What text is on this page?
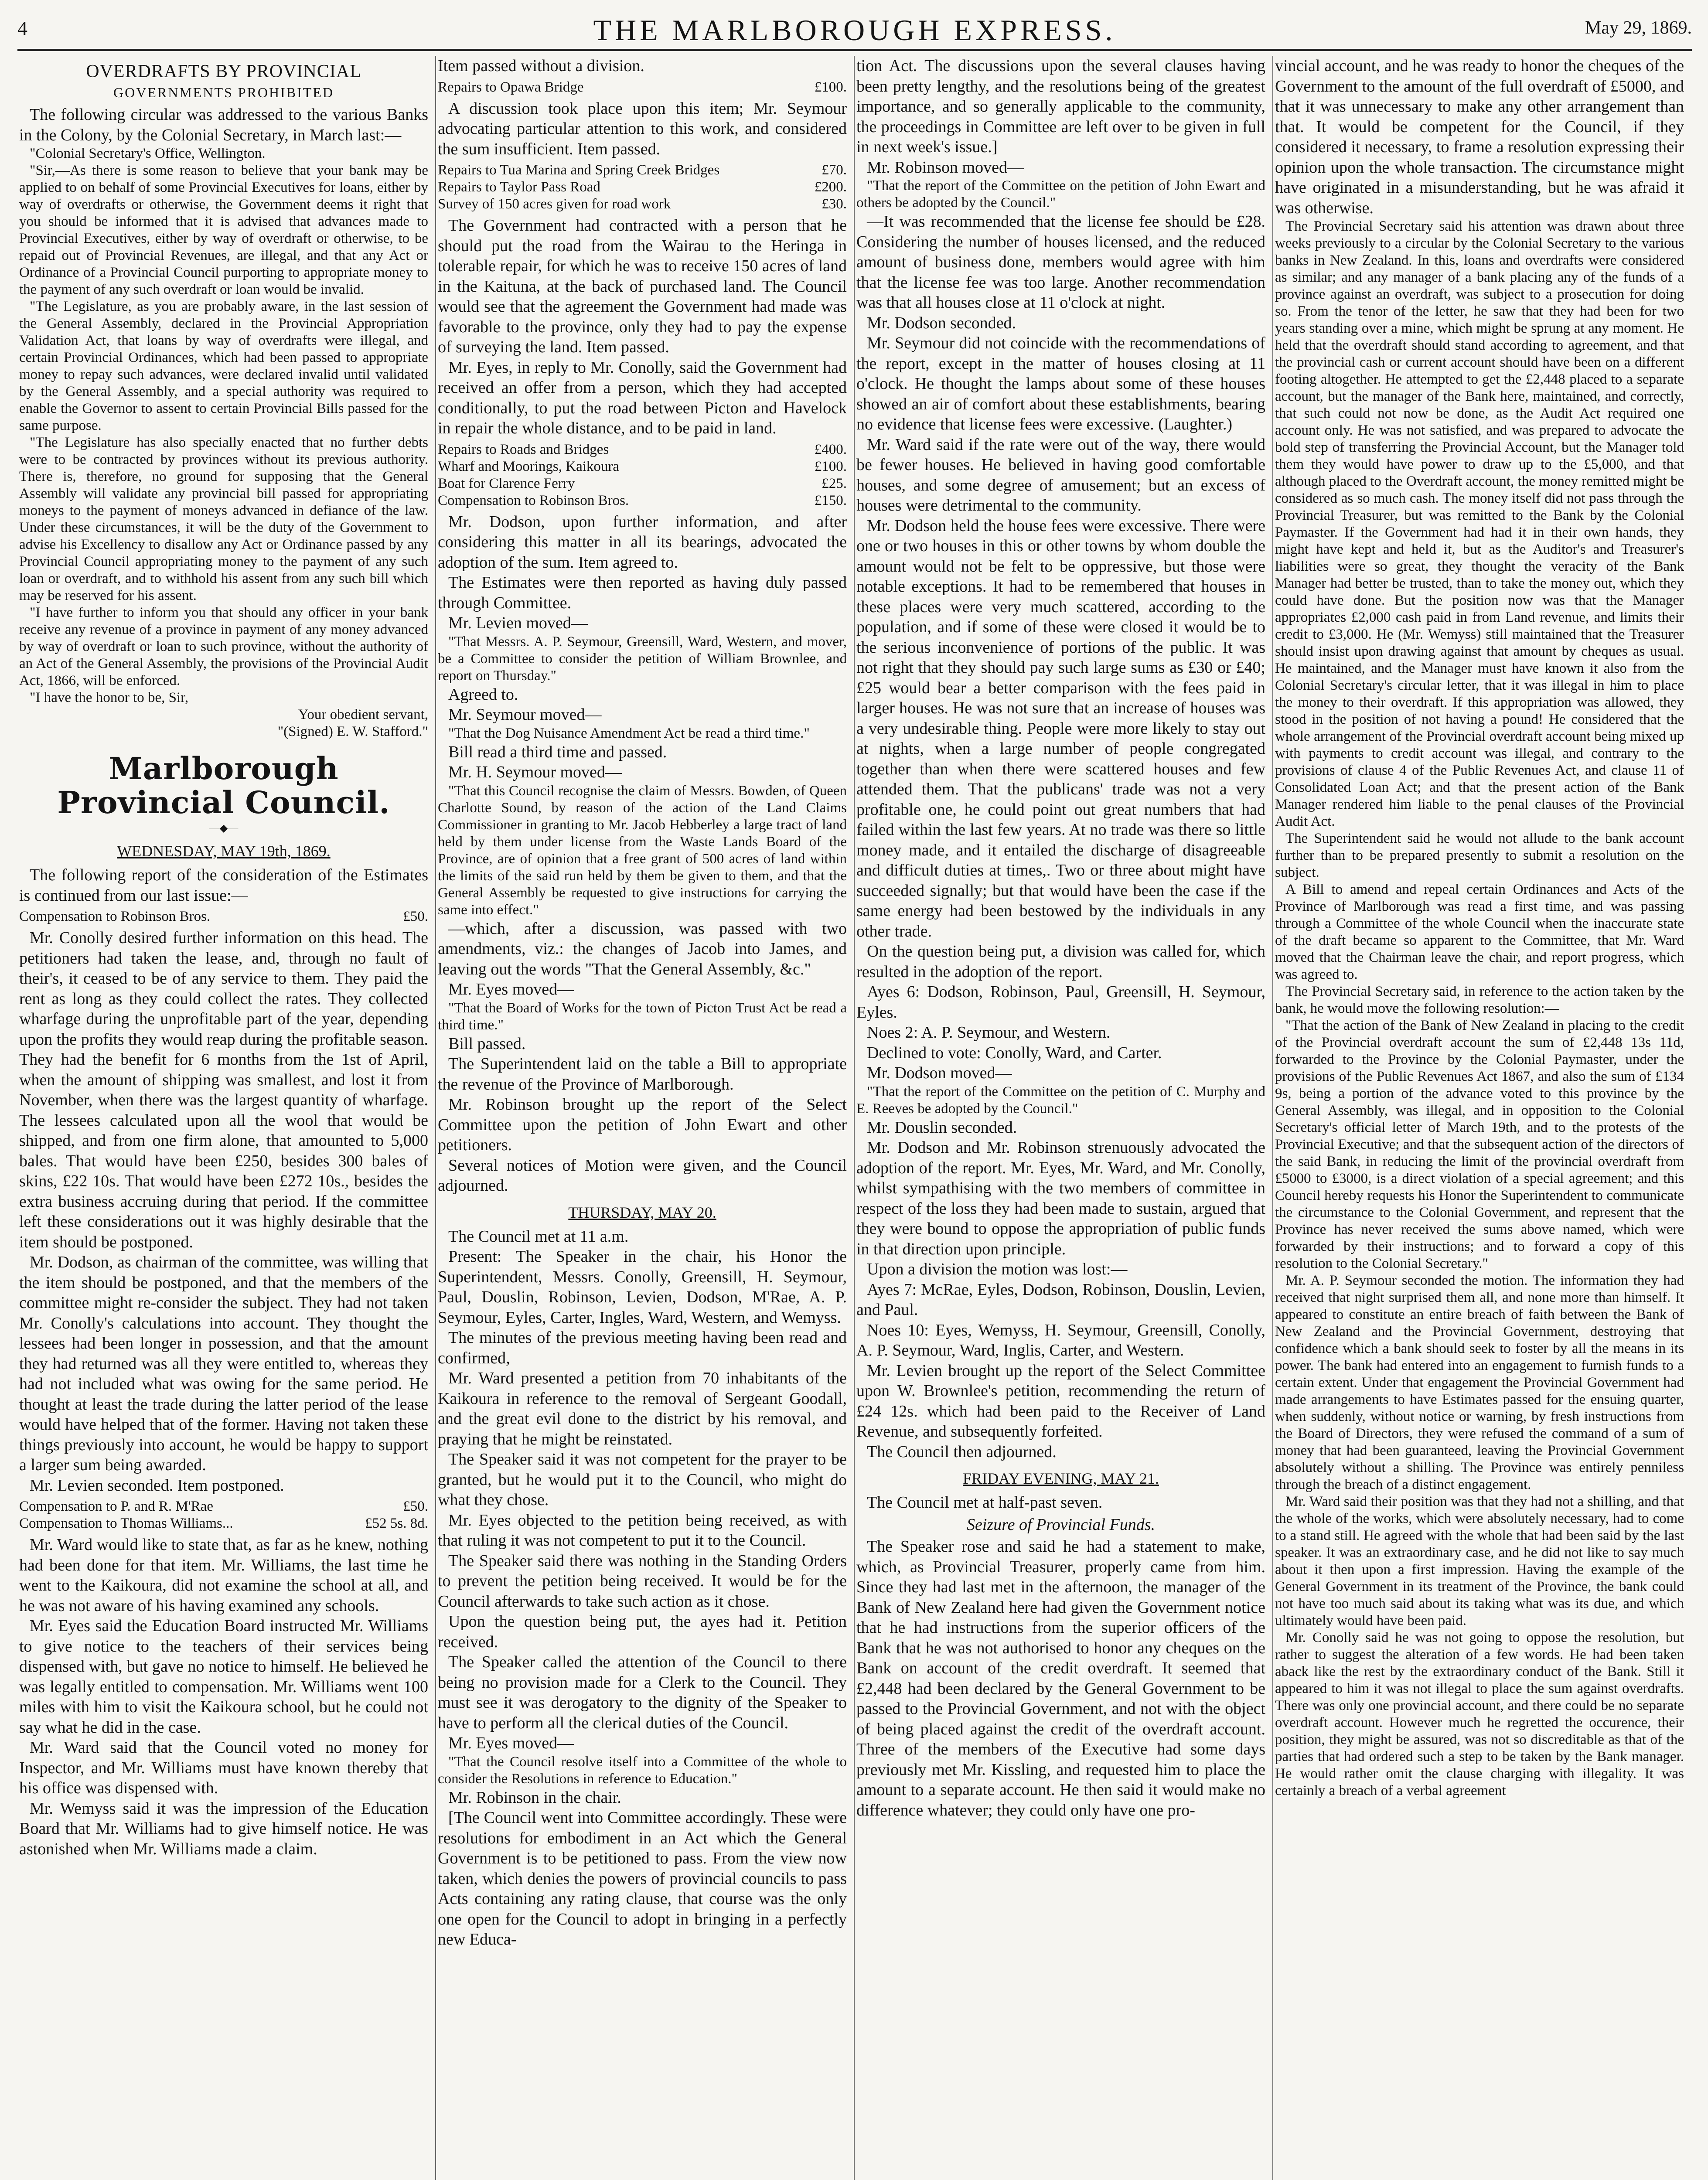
4	THE MARLBOROUGH EXPRESS.	May 29, 1869.
OVERDRAFTS BY PROVINCIAL
GOVERNMENTS PROHIBITED

The following circular was addressed to the various Banks in the Colony, by the Colonial Secretary, in March last:—

"Colonial Secretary's Office, Wellington.

"Sir,—As there is some reason to believe that your bank may be applied to on behalf of some Provincial Executives for loans, either by way of overdrafts or otherwise, the Government deems it right that you should be informed that it is advised that advances made to Provincial Executives, either by way of overdraft or otherwise, to be repaid out of Provincial Revenues, are illegal, and that any Act or Ordinance of a Provincial Council purporting to appropriate money to the payment of any such overdraft or loan would be invalid.

"The Legislature, as you are probably aware, in the last session of the General Assembly, declared in the Provincial Appropriation Validation Act, that loans by way of overdrafts were illegal, and certain Provincial Ordinances, which had been passed to appropriate money to repay such advances, were declared invalid until validated by the General Assembly, and a special authority was required to enable the Governor to assent to certain Provincial Bills passed for the same purpose.

"The Legislature has also specially enacted that no further debts were to be contracted by provinces without its previous authority. There is, therefore, no ground for supposing that the General Assembly will validate any provincial bill passed for appropriating moneys to the payment of moneys advanced in defiance of the law. Under these circumstances, it will be the duty of the Government to advise his Excellency to disallow any Act or Ordinance passed by any Provincial Council appropriating money to the payment of any such loan or overdraft, and to withhold his assent from any such bill which may be reserved for his assent.

"I have further to inform you that should any officer in your bank receive any revenue of a province in payment of any money advanced by way of overdraft or loan to such province, without the authority of an Act of the General Assembly, the provisions of the Provincial Audit Act, 1866, will be enforced.

"I have the honor to be, Sir,

Your obedient servant,
"(Signed) E. W. Stafford."
Marlborough Provincial Council.
—◆—
WEDNESDAY, MAY 19th, 1869.

The following report of the consideration of the Estimates is continued from our last issue:—

Compensation to Robinson Bros.	£50.

Mr. Conolly desired further information on this head. The petitioners had taken the lease, and, through no fault of their's, it ceased to be of any service to them. They paid the rent as long as they could collect the rates. They collected wharfage during the unprofitable part of the year, depending upon the profits they would reap during the profitable season. They had the benefit for 6 months from the 1st of April, when the amount of shipping was smallest, and lost it from November, when there was the largest quantity of wharfage. The lessees calculated upon all the wool that would be shipped, and from one firm alone, that amounted to 5,000 bales. That would have been £250, besides 300 bales of skins, £22 10s. That would have been £272 10s., besides the extra business accruing during that period. If the committee left these considerations out it was highly desirable that the item should be postponed.

Mr. Dodson, as chairman of the committee, was willing that the item should be postponed, and that the members of the committee might re-consider the subject. They had not taken Mr. Conolly's calculations into account. They thought the lessees had been longer in possession, and that the amount they had returned was all they were entitled to, whereas they had not included what was owing for the same period. He thought at least the trade during the latter period of the lease would have helped that of the former. Having not taken these things previously into account, he would be happy to support a larger sum being awarded.

Mr. Levien seconded. Item postponed.

Compensation to P. and R. M'Rae	£50.
Compensation to Thomas Williams...	£52 5s. 8d.

Mr. Ward would like to state that, as far as he knew, nothing had been done for that item. Mr. Williams, the last time he went to the Kaikoura, did not examine the school at all, and he was not aware of his having examined any schools.

Mr. Eyes said the Education Board instructed Mr. Williams to give notice to the teachers of their services being dispensed with, but gave no notice to himself. He believed he was legally entitled to compensation. Mr. Williams went 100 miles with him to visit the Kaikoura school, but he could not say what he did in the case.

Mr. Ward said that the Council voted no money for Inspector, and Mr. Williams must have known thereby that his office was dispensed with.

Mr. Wemyss said it was the impression of the Education Board that Mr. Williams had to give himself notice. He was astonished when Mr. Williams made a claim.

Item passed without a division.

Repairs to Opawa Bridge	£100.

A discussion took place upon this item; Mr. Seymour advocating particular attention to this work, and considered the sum insufficient. Item passed.

Repairs to Tua Marina and Spring Creek Bridges	£70.
Repairs to Taylor Pass Road	£200.
Survey of 150 acres given for road work	£30.

The Government had contracted with a person that he should put the road from the Wairau to the Heringa in tolerable repair, for which he was to receive 150 acres of land in the Kaituna, at the back of purchased land. The Council would see that the agreement the Government had made was favorable to the province, only they had to pay the expense of surveying the land. Item passed.

Mr. Eyes, in reply to Mr. Conolly, said the Government had received an offer from a person, which they had accepted conditionally, to put the road between Picton and Havelock in repair the whole distance, and to be paid in land.

Repairs to Roads and Bridges	£400.
Wharf and Moorings, Kaikoura	£100.
Boat for Clarence Ferry	£25.
Compensation to Robinson Bros.	£150.

Mr. Dodson, upon further information, and after considering this matter in all its bearings, advocated the adoption of the sum. Item agreed to.

The Estimates were then reported as having duly passed through Committee.

Mr. Levien moved—

"That Messrs. A. P. Seymour, Greensill, Ward, Western, and mover, be a Committee to consider the petition of William Brownlee, and report on Thursday."

Agreed to.

Mr. Seymour moved—

"That the Dog Nuisance Amendment Act be read a third time."

Bill read a third time and passed.

Mr. H. Seymour moved—

"That this Council recognise the claim of Messrs. Bowden, of Queen Charlotte Sound, by reason of the action of the Land Claims Commissioner in granting to Mr. Jacob Hebberley a large tract of land held by them under license from the Waste Lands Board of the Province, are of opinion that a free grant of 500 acres of land within the limits of the said run held by them be given to them, and that the General Assembly be requested to give instructions for carrying the same into effect."

—which, after a discussion, was passed with two amendments, viz.: the changes of Jacob into James, and leaving out the words "That the General Assembly, &c."

Mr. Eyes moved—

"That the Board of Works for the town of Picton Trust Act be read a third time."

Bill passed.

The Superintendent laid on the table a Bill to appropriate the revenue of the Province of Marlborough.

Mr. Robinson brought up the report of the Select Committee upon the petition of John Ewart and other petitioners.

Several notices of Motion were given, and the Council adjourned.

THURSDAY, MAY 20.

The Council met at 11 a.m.

Present: The Speaker in the chair, his Honor the Superintendent, Messrs. Conolly, Greensill, H. Seymour, Paul, Douslin, Robinson, Levien, Dodson, M'Rae, A. P. Seymour, Eyles, Carter, Ingles, Ward, Western, and Wemyss.

The minutes of the previous meeting having been read and confirmed,

Mr. Ward presented a petition from 70 inhabitants of the Kaikoura in reference to the removal of Sergeant Goodall, and the great evil done to the district by his removal, and praying that he might be reinstated.

The Speaker said it was not competent for the prayer to be granted, but he would put it to the Council, who might do what they chose.

Mr. Eyes objected to the petition being received, as with that ruling it was not competent to put it to the Council.

The Speaker said there was nothing in the Standing Orders to prevent the petition being received. It would be for the Council afterwards to take such action as it chose.

Upon the question being put, the ayes had it. Petition received.

The Speaker called the attention of the Council to there being no provision made for a Clerk to the Council. They must see it was derogatory to the dignity of the Speaker to have to perform all the clerical duties of the Council.

Mr. Eyes moved—

"That the Council resolve itself into a Committee of the whole to consider the Resolutions in reference to Education."

Mr. Robinson in the chair.

[The Council went into Committee accordingly. These were resolutions for embodiment in an Act which the General Government is to be petitioned to pass. From the view now taken, which denies the powers of provincial councils to pass Acts containing any rating clause, that course was the only one open for the Council to adopt in bringing in a perfectly new Educa-

tion Act. The discussions upon the several clauses having been pretty lengthy, and the resolutions being of the greatest importance, and so generally applicable to the community, the proceedings in Committee are left over to be given in full in next week's issue.]

Mr. Robinson moved—

"That the report of the Committee on the petition of John Ewart and others be adopted by the Council."

—It was recommended that the license fee should be £28. Considering the number of houses licensed, and the reduced amount of business done, members would agree with him that the license fee was too large. Another recommendation was that all houses close at 11 o'clock at night.

Mr. Dodson seconded.

Mr. Seymour did not coincide with the recommendations of the report, except in the matter of houses closing at 11 o'clock. He thought the lamps about some of these houses showed an air of comfort about these establishments, bearing no evidence that license fees were excessive. (Laughter.)

Mr. Ward said if the rate were out of the way, there would be fewer houses. He believed in having good comfortable houses, and some degree of amusement; but an excess of houses were detrimental to the community.

Mr. Dodson held the house fees were excessive. There were one or two houses in this or other towns by whom double the amount would not be felt to be oppressive, but those were notable exceptions. It had to be remembered that houses in these places were very much scattered, according to the population, and if some of these were closed it would be to the serious inconvenience of portions of the public. It was not right that they should pay such large sums as £30 or £40; £25 would bear a better comparison with the fees paid in larger houses. He was not sure that an increase of houses was a very undesirable thing. People were more likely to stay out at nights, when a large number of people congregated together than when there were scattered houses and few attended them. That the publicans' trade was not a very profitable one, he could point out great numbers that had failed within the last few years. At no trade was there so little money made, and it entailed the discharge of disagreeable and difficult duties at times,. Two or three about might have succeeded signally; but that would have been the case if the same energy had been bestowed by the individuals in any other trade.

On the question being put, a division was called for, which resulted in the adoption of the report.

Ayes 6: Dodson, Robinson, Paul, Greensill, H. Seymour, Eyles.

Noes 2: A. P. Seymour, and Western.

Declined to vote: Conolly, Ward, and Carter.

Mr. Dodson moved—

"That the report of the Committee on the petition of C. Murphy and E. Reeves be adopted by the Council."

Mr. Douslin seconded.

Mr. Dodson and Mr. Robinson strenuously advocated the adoption of the report. Mr. Eyes, Mr. Ward, and Mr. Conolly, whilst sympathising with the two members of committee in respect of the loss they had been made to sustain, argued that they were bound to oppose the appropriation of public funds in that direction upon principle.

Upon a division the motion was lost:—

Ayes 7: McRae, Eyles, Dodson, Robinson, Douslin, Levien, and Paul.

Noes 10: Eyes, Wemyss, H. Seymour, Greensill, Conolly, A. P. Seymour, Ward, Inglis, Carter, and Western.

Mr. Levien brought up the report of the Select Committee upon W. Brownlee's petition, recommending the return of £24 12s. which had been paid to the Receiver of Land Revenue, and subsequently forfeited.

The Council then adjourned.

FRIDAY EVENING, MAY 21.

The Council met at half-past seven.

Seizure of Provincial Funds.

The Speaker rose and said he had a statement to make, which, as Provincial Treasurer, properly came from him. Since they had last met in the afternoon, the manager of the Bank of New Zealand here had given the Government notice that he had instructions from the superior officers of the Bank that he was not authorised to honor any cheques on the Bank on account of the credit overdraft. It seemed that £2,448 had been declared by the General Government to be passed to the Provincial Government, and not with the object of being placed against the credit of the overdraft account. Three of the members of the Executive had some days previously met Mr. Kissling, and requested him to place the amount to a separate account. He then said it would make no difference whatever; they could only have one pro-

vincial account, and he was ready to honor the cheques of the Government to the amount of the full overdraft of £5000, and that it was unnecessary to make any other arrangement than that. It would be competent for the Council, if they considered it necessary, to frame a resolution expressing their opinion upon the whole transaction. The circumstance might have originated in a misunderstanding, but he was afraid it was otherwise.

The Provincial Secretary said his attention was drawn about three weeks previously to a circular by the Colonial Secretary to the various banks in New Zealand. In this, loans and overdrafts were considered as similar; and any manager of a bank placing any of the funds of a province against an overdraft, was subject to a prosecution for doing so. From the tenor of the letter, he saw that they had been for two years standing over a mine, which might be sprung at any moment. He held that the overdraft should stand according to agreement, and that the provincial cash or current account should have been on a different footing altogether. He attempted to get the £2,448 placed to a separate account, but the manager of the Bank here, maintained, and correctly, that such could not now be done, as the Audit Act required one account only. He was not satisfied, and was prepared to advocate the bold step of transferring the Provincial Account, but the Manager told them they would have power to draw up to the £5,000, and that although placed to the Overdraft account, the money remitted might be considered as so much cash. The money itself did not pass through the Provincial Treasurer, but was remitted to the Bank by the Colonial Paymaster. If the Government had had it in their own hands, they might have kept and held it, but as the Auditor's and Treasurer's liabilities were so great, they thought the veracity of the Bank Manager had better be trusted, than to take the money out, which they could have done. But the position now was that the Manager appropriates £2,000 cash paid in from Land revenue, and limits their credit to £3,000. He (Mr. Wemyss) still maintained that the Treasurer should insist upon drawing against that amount by cheques as usual. He maintained, and the Manager must have known it also from the Colonial Secretary's circular letter, that it was illegal in him to place the money to their overdraft. If this appropriation was allowed, they stood in the position of not having a pound! He considered that the whole arrangement of the Provincial overdraft account being mixed up with payments to credit account was illegal, and contrary to the provisions of clause 4 of the Public Revenues Act, and clause 11 of Consolidated Loan Act; and that the present action of the Bank Manager rendered him liable to the penal clauses of the Provincial Audit Act.

The Superintendent said he would not allude to the bank account further than to be prepared presently to submit a resolution on the subject.

A Bill to amend and repeal certain Ordinances and Acts of the Province of Marlborough was read a first time, and was passing through a Committee of the whole Council when the inaccurate state of the draft became so apparent to the Committee, that Mr. Ward moved that the Chairman leave the chair, and report progress, which was agreed to.

The Provincial Secretary said, in reference to the action taken by the bank, he would move the following resolution:—

"That the action of the Bank of New Zealand in placing to the credit of the Provincial overdraft account the sum of £2,448 13s 11d, forwarded to the Province by the Colonial Paymaster, under the provisions of the Public Revenues Act 1867, and also the sum of £134 9s, being a portion of the advance voted to this province by the General Assembly, was illegal, and in opposition to the Colonial Secretary's official letter of March 19th, and to the protests of the Provincial Executive; and that the subsequent action of the directors of the said Bank, in reducing the limit of the provincial overdraft from £5000 to £3000, is a direct violation of a special agreement; and this Council hereby requests his Honor the Superintendent to communicate the circumstance to the Colonial Government, and represent that the Province has never received the sums above named, which were forwarded by their instructions; and to forward a copy of this resolution to the Colonial Secretary."

Mr. A. P. Seymour seconded the motion. The information they had received that night surprised them all, and none more than himself. It appeared to constitute an entire breach of faith between the Bank of New Zealand and the Provincial Government, destroying that confidence which a bank should seek to foster by all the means in its power. The bank had entered into an engagement to furnish funds to a certain extent. Under that engagement the Provincial Government had made arrangements to have Estimates passed for the ensuing quarter, when suddenly, without notice or warning, by fresh instructions from the Board of Directors, they were refused the command of a sum of money that had been guaranteed, leaving the Provincial Government absolutely without a shilling. The Province was entirely penniless through the breach of a distinct engagement.

Mr. Ward said their position was that they had not a shilling, and that the whole of the works, which were absolutely necessary, had to come to a stand still. He agreed with the whole that had been said by the last speaker. It was an extraordinary case, and he did not like to say much about it then upon a first impression. Having the example of the General Government in its treatment of the Province, the bank could not have too much said about its taking what was its due, and which ultimately would have been paid.

Mr. Conolly said he was not going to oppose the resolution, but rather to suggest the alteration of a few words. He had been taken aback like the rest by the extraordinary conduct of the Bank. Still it appeared to him it was not illegal to place the sum against overdrafts. There was only one provincial account, and there could be no separate overdraft account. However much he regretted the occurence, their position, they might be assured, was not so discreditable as that of the parties that had ordered such a step to be taken by the Bank manager. He would rather omit the clause charging with illegality. It was certainly a breach of a verbal agreement
